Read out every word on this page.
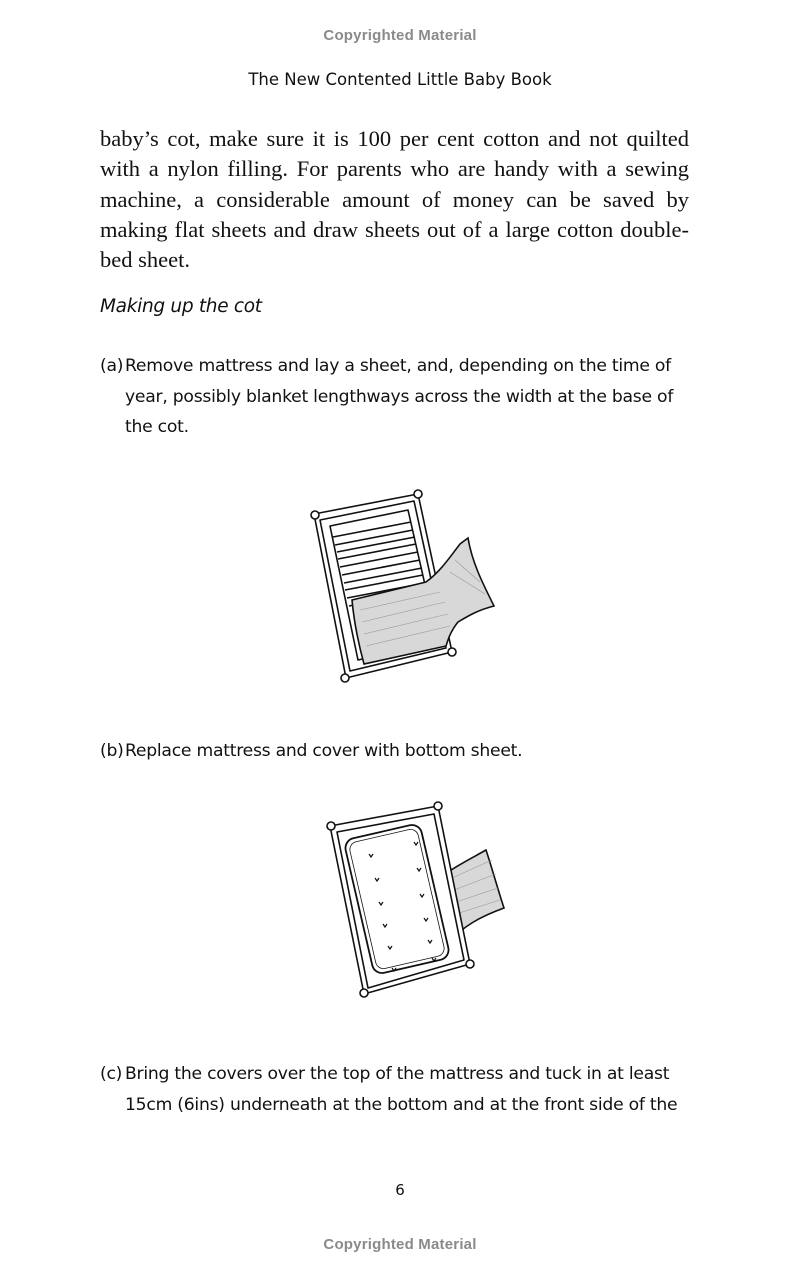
Copyrighted Material
The New Contented Little Baby Book

baby’s cot, make sure it is 100 per cent cotton and not quilted with a nylon filling. For parents who are handy with a sewing machine, a considerable amount of money can be saved by making flat sheets and draw sheets out of a large cotton double-bed sheet.

Making up the cot
(a) Remove mattress and lay a sheet, and, depending on the time of
year, possibly blanket lengthways across the width at the base of the cot.
(b)Replace mattress and cover with bottom sheet.
(c) Bring the covers over the top of the mattress and tuck in at least
15cm (6ins) underneath at the bottom and at the front side of the
6
Copyrighted Material
